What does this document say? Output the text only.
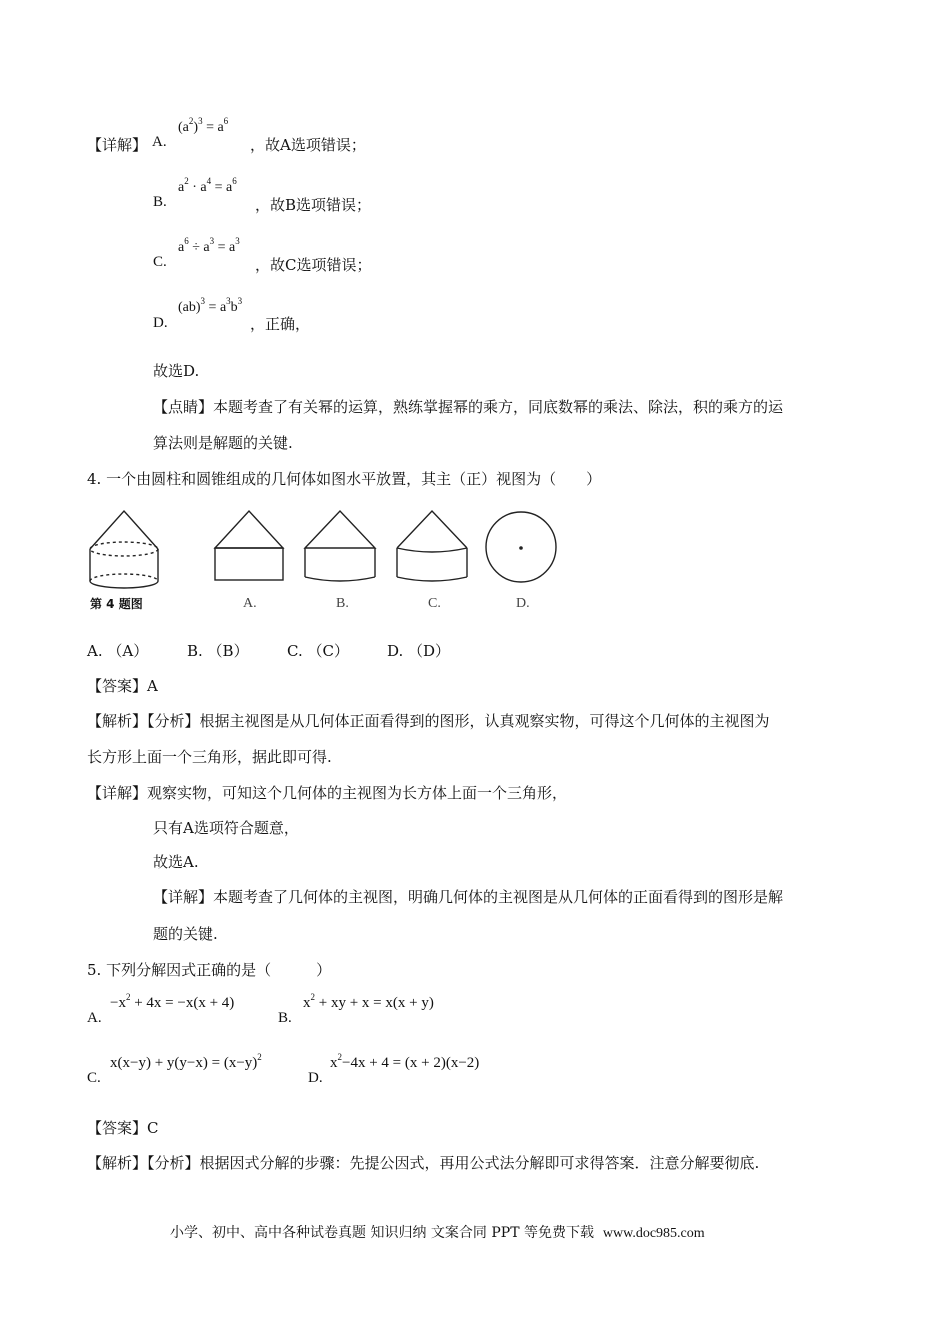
【详解】 A.
$(a^2)^3 = a^6$
，故A选项错误；
B.
$a^2 \cdot a^4 = a^6$
，故B选项错误；
C.
$a^6 \div a^3 = a^3$
，故C选项错误；
D.
$(ab)^3 = a^3b^3$
，正确，
故选D.
【点睛】本题考查了有关幂的运算，熟练掌握幂的乘方，同底数幂的乘法、除法，积的乘方的运
算法则是解题的关键.
4. 一个由圆柱和圆锥组成的几何体如图水平放置，其主（正）视图为（　　）
第 4 题图	A.	B.	C.	D.
A. （A）	B. （B）	C. （C）	D. （D）
【答案】A
【解析】【分析】根据主视图是从几何体正面看得到的图形，认真观察实物，可得这个几何体的主视图为
长方形上面一个三角形，据此即可得.
【详解】观察实物，可知这个几何体的主视图为长方体上面一个三角形，
只有A选项符合题意，
故选A.
【详解】本题考查了几何体的主视图，明确几何体的主视图是从几何体的正面看得到的图形是解
题的关键.
5. 下列分解因式正确的是（　　　）
A.
$-x^2 + 4x = -x(x + 4)$
B.
$x^2$ + xy + x = x(x + y)
C.
$x(x-y) + y(y-x) = (x-y)^2$
D.
$x^2-4x + 4 = (x + 2)(x-2)$
【答案】C
【解析】【分析】根据因式分解的步骤：先提公因式，再用公式法分解即可求得答案．注意分解要彻底.
小学、初中、高中各种试卷真题 知识归纳 文案合同 PPT 等免费下载 www.doc985.com
